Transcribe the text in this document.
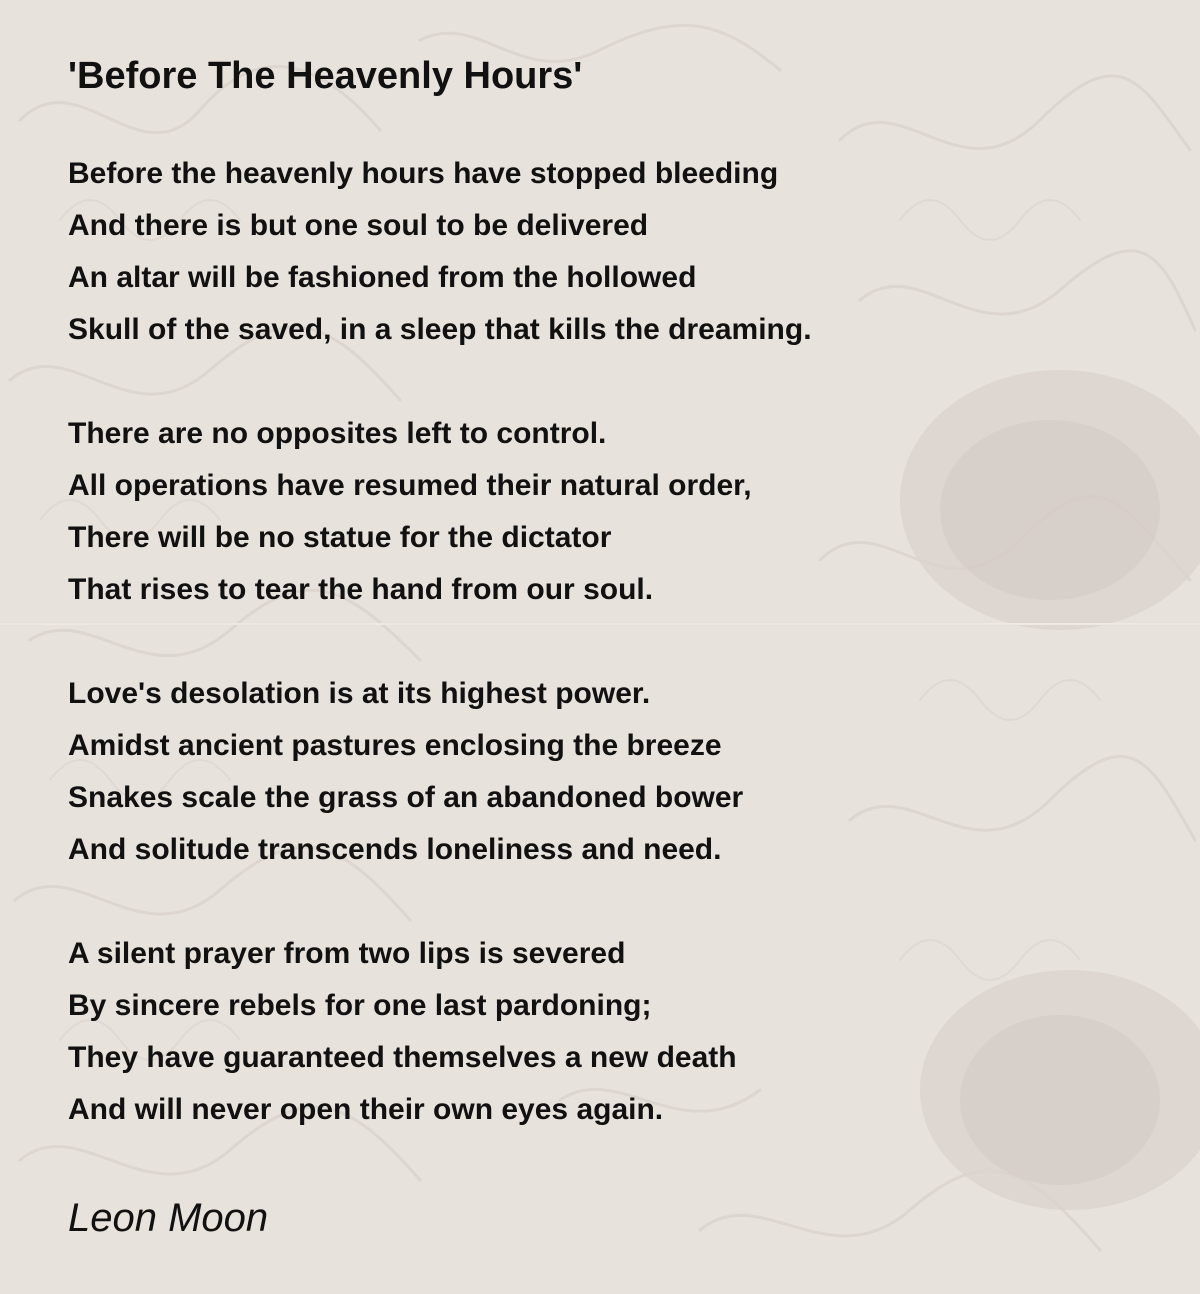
'Before The Heavenly Hours'
Before the heavenly hours have stopped bleeding
And there is but one soul to be delivered
An altar will be fashioned from the hollowed
Skull of the saved, in a sleep that kills the dreaming.
There are no opposites left to control.
All operations have resumed their natural order,
There will be no statue for the dictator
That rises to tear the hand from our soul.
Love's desolation is at its highest power.
Amidst ancient pastures enclosing the breeze
Snakes scale the grass of an abandoned bower
And solitude transcends loneliness and need.
A silent prayer from two lips is severed
By sincere rebels for one last pardoning;
They have guaranteed themselves a new death
And will never open their own eyes again.
Leon Moon
